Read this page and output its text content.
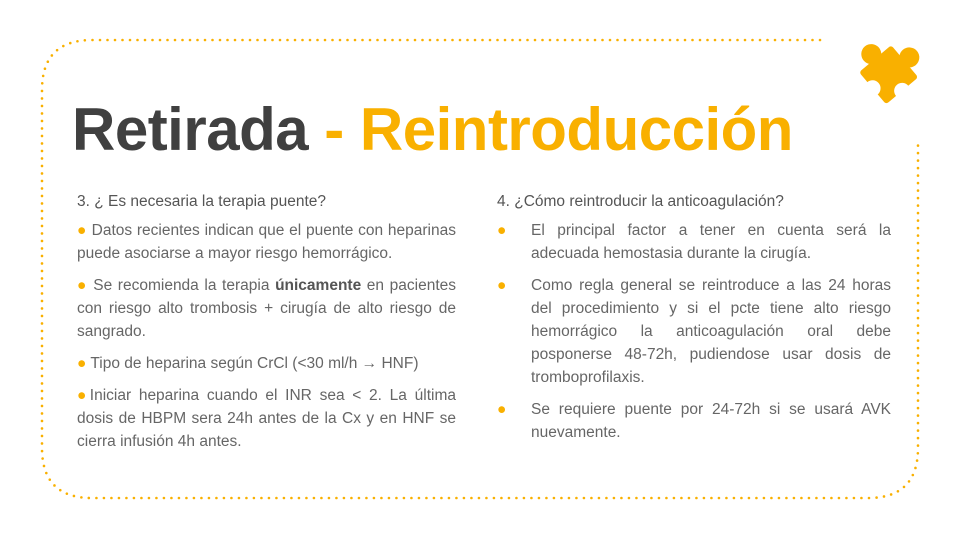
Retirada - Reintroducción

3. ¿ Es necesaria la terapia puente?

● Datos recientes indican que el puente con heparinas puede asociarse a mayor riesgo hemorrágico.

● Se recomienda la terapia únicamente en pacientes con riesgo alto trombosis + cirugía de alto riesgo de sangrado.

● Tipo de heparina según CrCl (<30 ml/h → HNF)

●Iniciar heparina cuando el INR sea < 2. La última dosis de HBPM sera 24h antes de la Cx y en HNF se cierra infusión 4h antes.

4. ¿Cómo reintroducir la anticoagulación?

● El principal factor a tener en cuenta será la adecuada hemostasia durante la cirugía.
● Como regla general se reintroduce a las 24 horas del procedimiento y si el pcte tiene alto riesgo hemorrágico la anticoagulación oral debe posponerse 48-72h, pudiendose usar dosis de tromboprofilaxis.
● Se requiere puente por 24-72h si se usará AVK nuevamente.
